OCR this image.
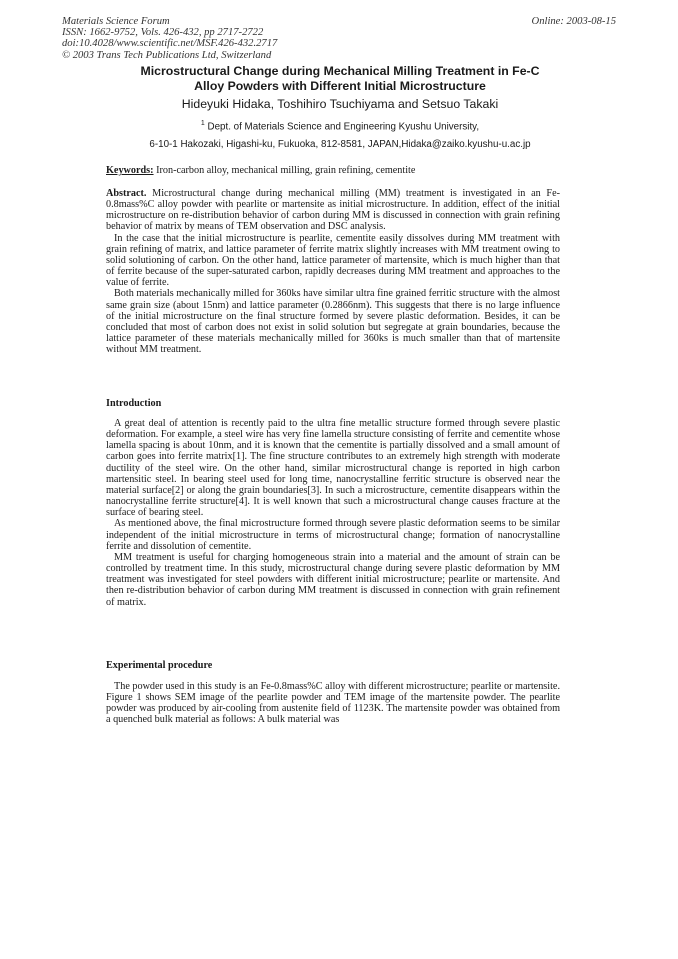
Materials Science Forum
ISSN: 1662-9752, Vols. 426-432, pp 2717-2722
doi:10.4028/www.scientific.net/MSF.426-432.2717
© 2003 Trans Tech Publications Ltd, Switzerland
Online: 2003-08-15
Microstructural Change during Mechanical Milling Treatment in Fe-C
Alloy Powders with Different Initial Microstructure
Hideyuki Hidaka, Toshihiro Tsuchiyama and Setsuo Takaki
$^1$ Dept. of Materials Science and Engineering Kyushu University,
6-10-1 Hakozaki, Higashi-ku, Fukuoka, 812-8581, JAPAN,Hidaka@zaiko.kyushu-u.ac.jp
Keywords: Iron-carbon alloy, mechanical milling, grain refining, cementite

Abstract. Microstructural change during mechanical milling (MM) treatment is investigated in an Fe-0.8mass%C alloy powder with pearlite or martensite as initial microstructure. In addition, effect of the initial microstructure on re-distribution behavior of carbon during MM is discussed in connection with grain refining behavior of matrix by means of TEM observation and DSC analysis.

In the case that the initial microstructure is pearlite, cementite easily dissolves during MM treatment with grain refining of matrix, and lattice parameter of ferrite matrix slightly increases with MM treatment owing to solid solutioning of carbon. On the other hand, lattice parameter of martensite, which is much higher than that of ferrite because of the super-saturated carbon, rapidly decreases during MM treatment and approaches to the value of ferrite.

Both materials mechanically milled for 360ks have similar ultra fine grained ferritic structure with the almost same grain size (about 15nm) and lattice parameter (0.2866nm). This suggests that there is no large influence of the initial microstructure on the final structure formed by severe plastic deformation. Besides, it can be concluded that most of carbon does not exist in solid solution but segregate at grain boundaries, because the lattice parameter of these materials mechanically milled for 360ks is much smaller than that of martensite without MM treatment.

Introduction

A great deal of attention is recently paid to the ultra fine metallic structure formed through severe plastic deformation. For example, a steel wire has very fine lamella structure consisting of ferrite and cementite whose lamella spacing is about 10nm, and it is known that the cementite is partially dissolved and a small amount of carbon goes into ferrite matrix[1]. The fine structure contributes to an extremely high strength with moderate ductility of the steel wire. On the other hand, similar microstructural change is reported in high carbon martensitic steel. In bearing steel used for long time, nanocrystalline ferritic structure is observed near the material surface[2] or along the grain boundaries[3]. In such a microstructure, cementite disappears within the nanocrystalline ferrite structure[4]. It is well known that such a microstructural change causes fracture at the surface of bearing steel.

As mentioned above, the final microstructure formed through severe plastic deformation seems to be similar independent of the initial microstructure in terms of microstructural change; formation of nanocrystalline ferrite and dissolution of cementite.

MM treatment is useful for charging homogeneous strain into a material and the amount of strain can be controlled by treatment time. In this study, microstructural change during severe plastic deformation by MM treatment was investigated for steel powders with different initial microstructure; pearlite or martensite. And then re-distribution behavior of carbon during MM treatment is discussed in connection with grain refinement of matrix.

Experimental procedure

The powder used in this study is an Fe-0.8mass%C alloy with different microstructure; pearlite or martensite. Figure 1 shows SEM image of the pearlite powder and TEM image of the martensite powder. The pearlite powder was produced by air-cooling from austenite field of 1123K. The martensite powder was obtained from a quenched bulk material as follows: A bulk material was
